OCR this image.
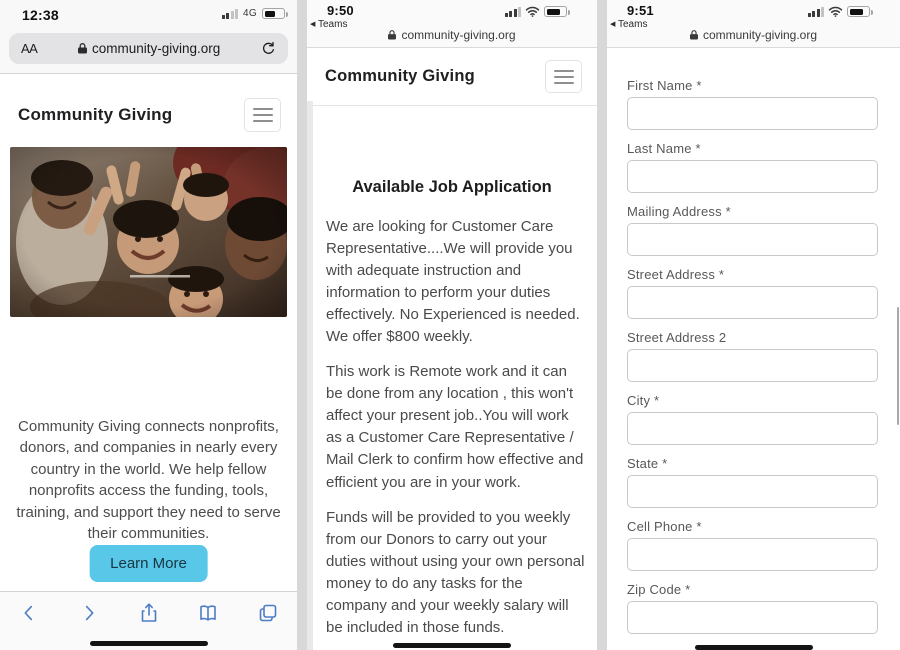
12:38	4G
AA	community-giving.org
Community Giving
Community Giving connects nonprofits, donors, and companies in nearly every country in the world. We help fellow nonprofits access the funding, tools, training, and support they need to serve their communities.
Learn More
9:50
◀ Teams
community-giving.org
Community Giving
Available Job Application

We are looking for Customer Care Representative....We will provide you with adequate instruction and information to perform your duties effectively. No Experienced is needed. We offer $800 weekly.

This work is Remote work and it can be done from any location , this won't affect your present job..You will work as a Customer Care Representative / Mail Clerk to confirm how effective and efficient you are in your work.

Funds will be provided to you weekly from our Donors to carry out your duties without using your own personal money to do any tasks for the company and your weekly salary will be included in those funds.

9:51
◀ Teams
community-giving.org
First Name *
Last Name *
Mailing Address *
Street Address *
Street Address 2
City *
State *
Cell Phone *
Zip Code *
